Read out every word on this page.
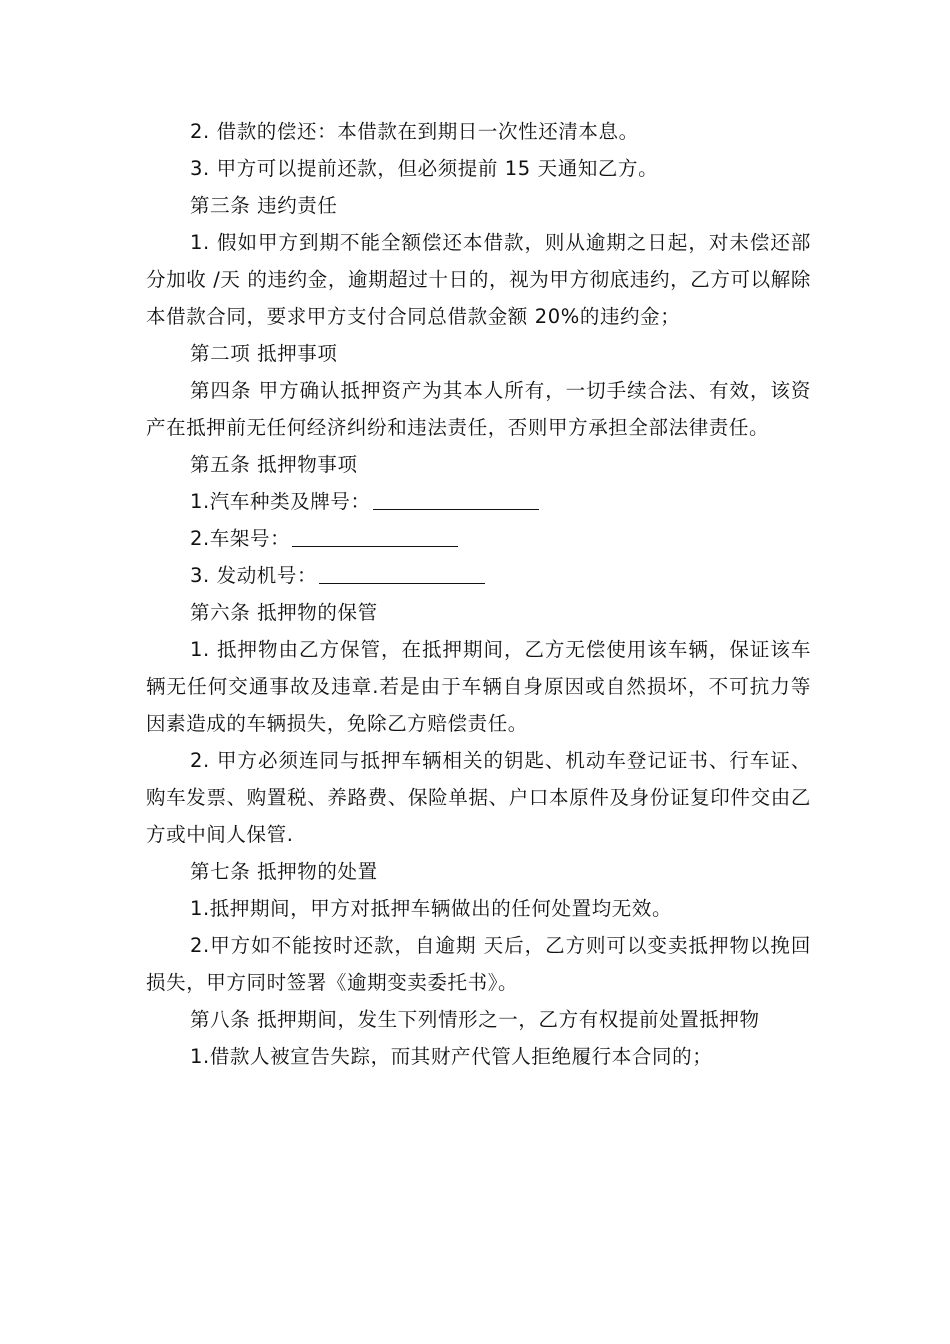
2. 借款的偿还：本借款在到期日一次性还清本息。

3. 甲方可以提前还款，但必须提前 15 天通知乙方。

第三条 违约责任

1. 假如甲方到期不能全额偿还本借款，则从逾期之日起，对未偿还部分加收 /天 的违约金，逾期超过十日的，视为甲方彻底违约，乙方可以解除本借款合同，要求甲方支付合同总借款金额 20%的违约金；

第二项 抵押事项

第四条 甲方确认抵押资产为其本人所有，一切手续合法、有效，该资产在抵押前无任何经济纠纷和违法责任，否则甲方承担全部法律责任。

第五条 抵押物事项

1.汽车种类及牌号：

2.车架号：

3. 发动机号：

第六条 抵押物的保管

1. 抵押物由乙方保管，在抵押期间，乙方无偿使用该车辆，保证该车辆无任何交通事故及违章.若是由于车辆自身原因或自然损坏，不可抗力等因素造成的车辆损失，免除乙方赔偿责任。

2. 甲方必须连同与抵押车辆相关的钥匙、机动车登记证书、行车证、购车发票、购置税、养路费、保险单据、户口本原件及身份证复印件交由乙方或中间人保管.

第七条 抵押物的处置

1.抵押期间，甲方对抵押车辆做出的任何处置均无效。

2.甲方如不能按时还款，自逾期 天后，乙方则可以变卖抵押物以挽回损失，甲方同时签署《逾期变卖委托书》。

第八条 抵押期间，发生下列情形之一，乙方有权提前处置抵押物

1.借款人被宣告失踪，而其财产代管人拒绝履行本合同的；
